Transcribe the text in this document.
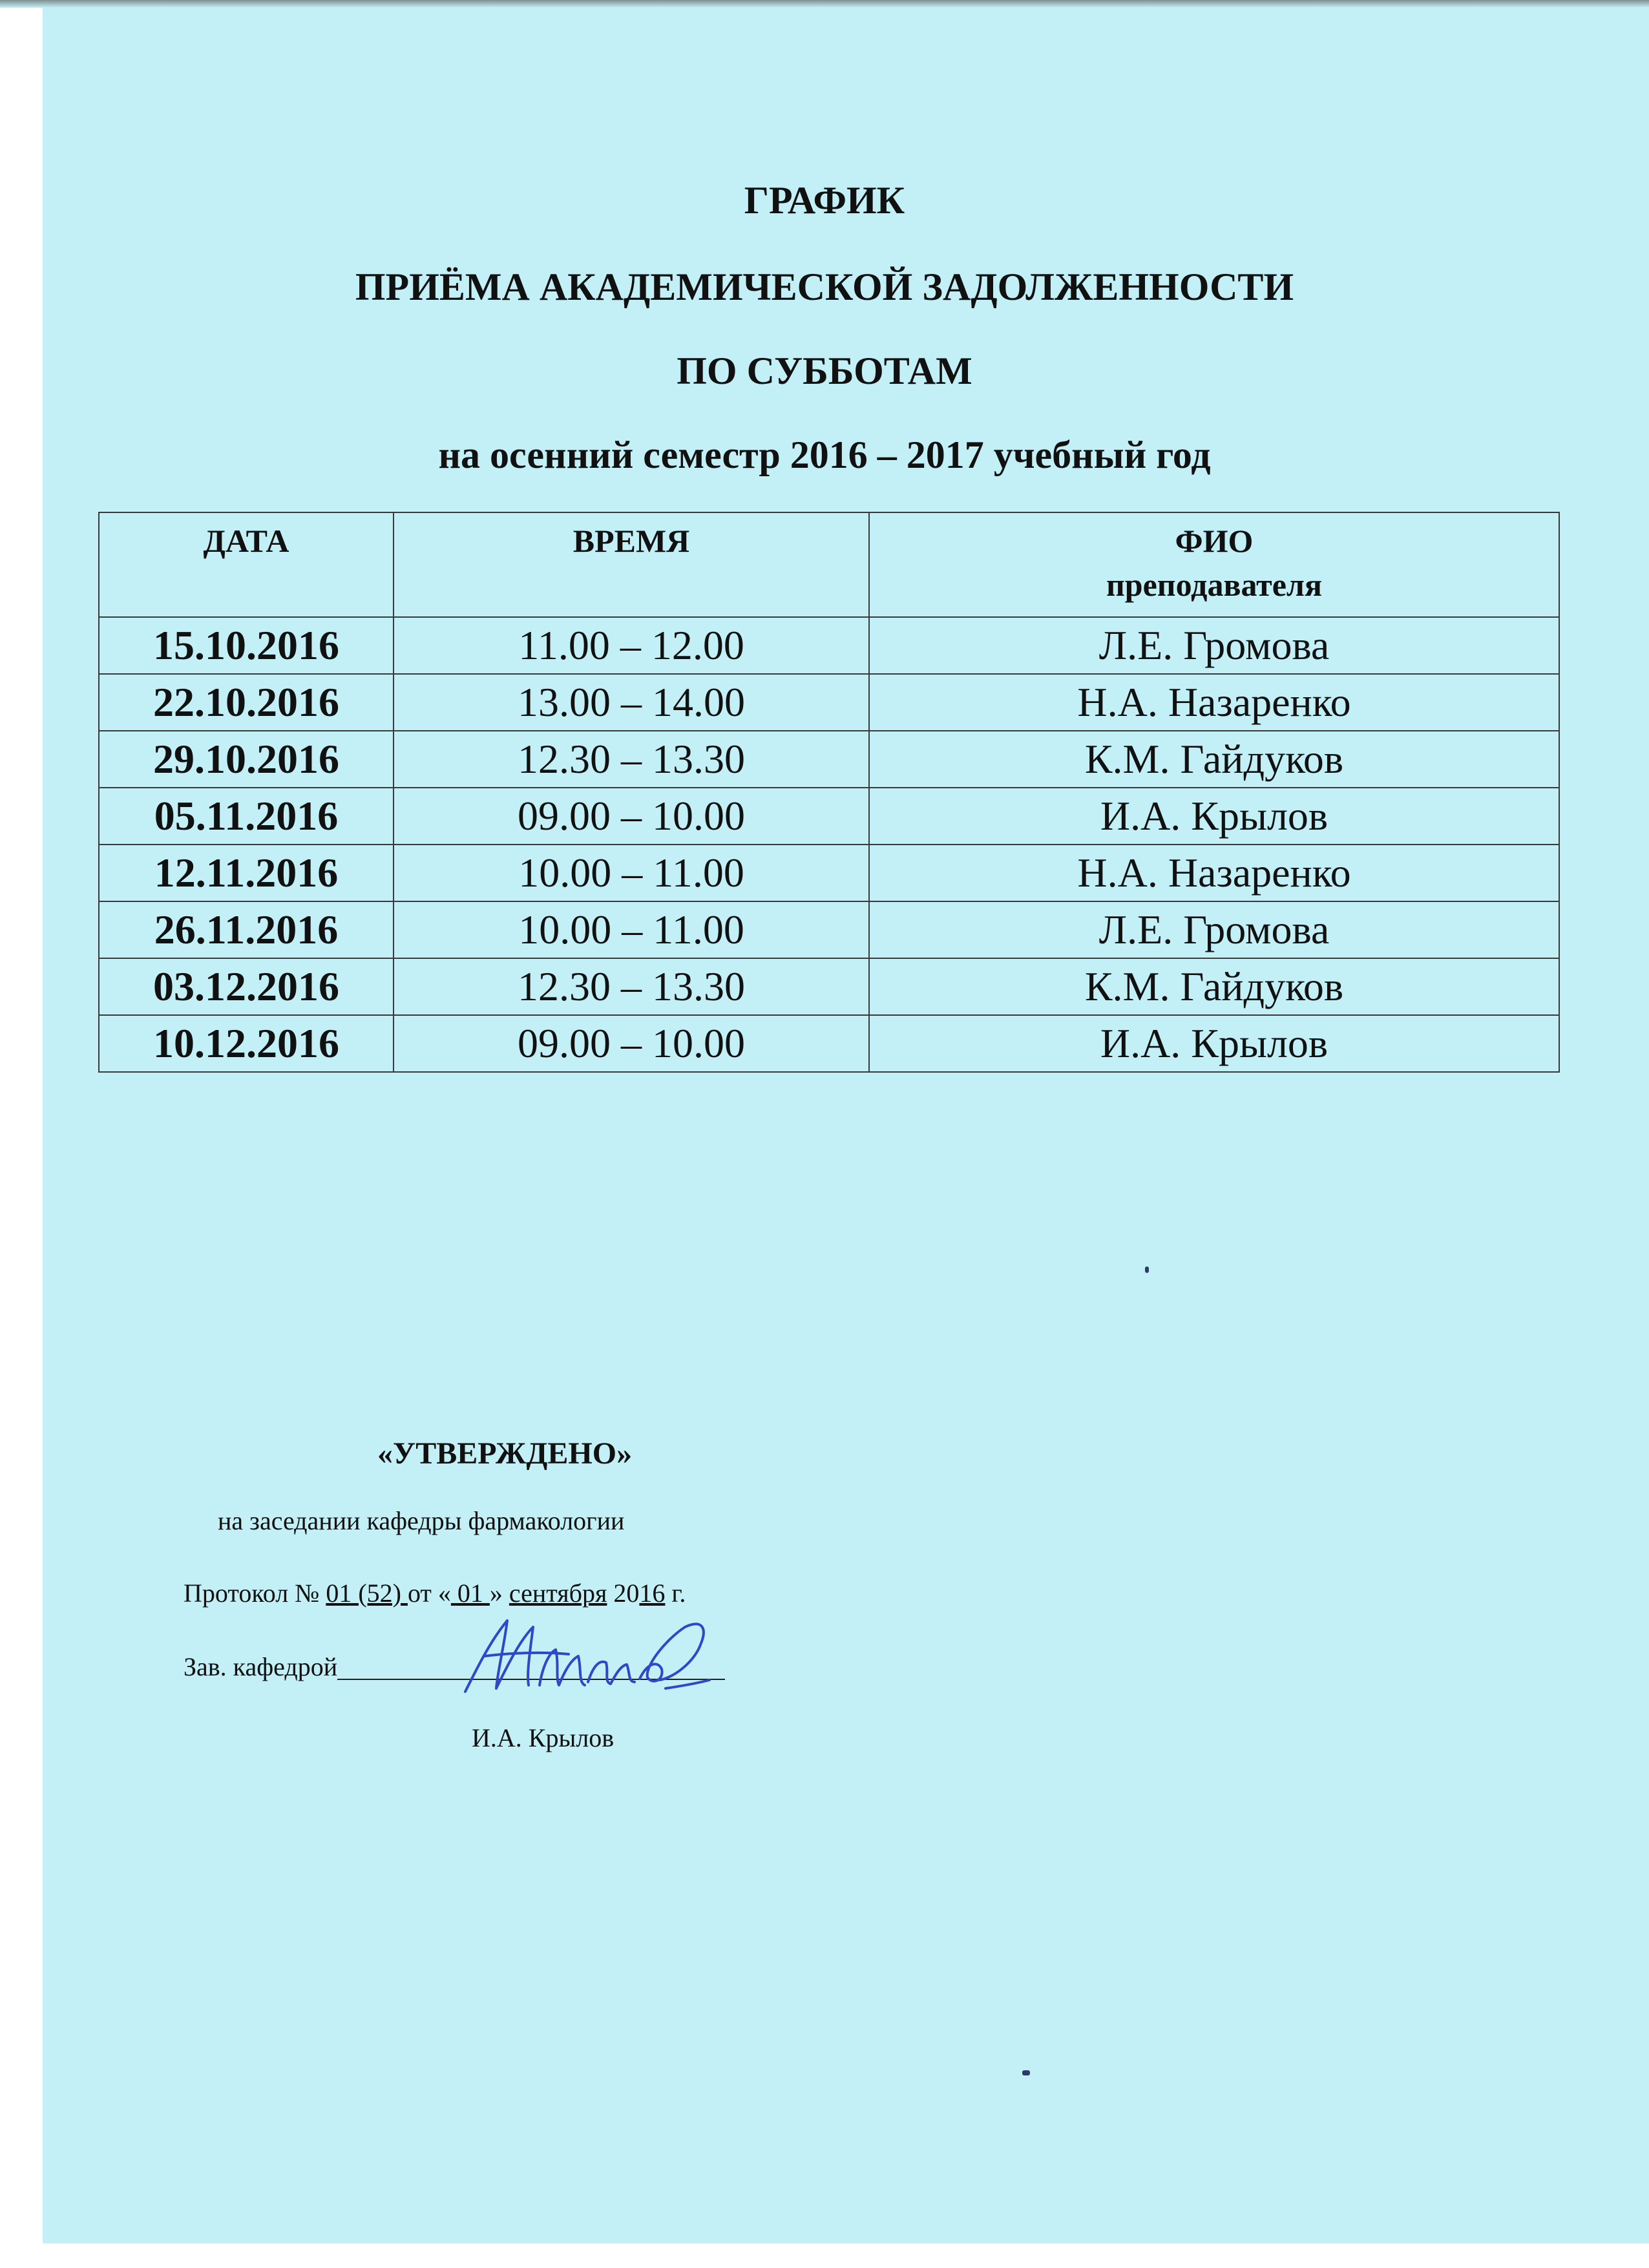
ГРАФИК
ПРИЁМА АКАДЕМИЧЕСКОЙ ЗАДОЛЖЕННОСТИ
ПО СУББОТАМ
на осенний семестр 2016 – 2017 учебный год
ДАТА	ВРЕМЯ	ФИО
преподавателя
15.10.2016	11.00 – 12.00	Л.Е. Громова
22.10.2016	13.00 – 14.00	Н.А. Назаренко
29.10.2016	12.30 – 13.30	К.М. Гайдуков
05.11.2016	09.00 – 10.00	И.А. Крылов
12.11.2016	10.00 – 11.00	Н.А. Назаренко
26.11.2016	10.00 – 11.00	Л.Е. Громова
03.12.2016	12.30 – 13.30	К.М. Гайдуков
10.12.2016	09.00 – 10.00	И.А. Крылов
«УТВЕРЖДЕНО»
на заседании кафедры фармакологии
Протокол № 01 (52) от « 01 » сентября 2016 г.
Зав. кафедрой
И.А. Крылов
